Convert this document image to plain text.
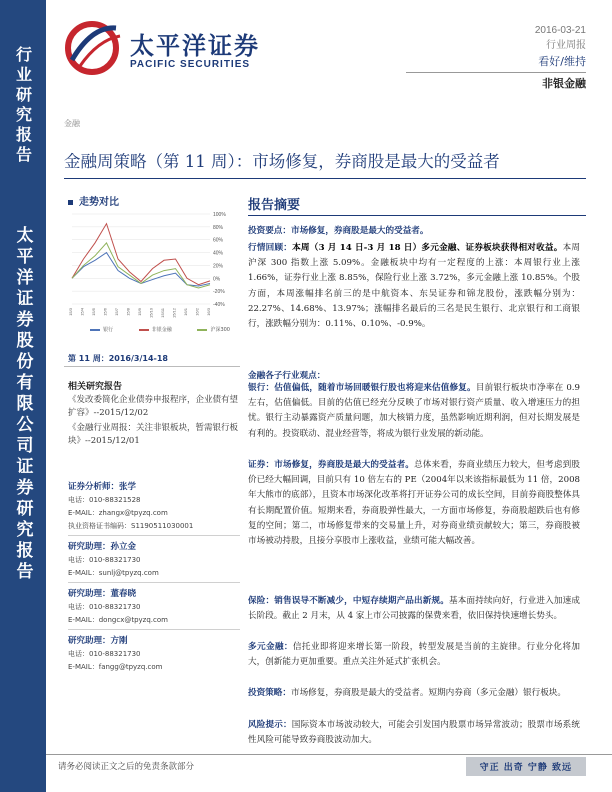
行业研究报告
太平洋证券股份有限公司证券研究报告
太平洋证券
PACIFIC SECURITIES
2016-03-21
行业周报
看好/维持
非银金融
金融
金融周策略（第 11 周）：市场修复，券商股是最大的受益者
走势对比
100%
80%
60%
40%
20%
0%
-20%
-40%
15/3 15/4 15/5 15/6 15/7 15/8 15/9 15/10 15/11 15/12 16/1 16/2 16/3
银行	非银金融	沪深300
第 11 周：2016/3/14-18
相关研究报告

《发改委简化企业债券申报程序，企业债有望扩容》--2015/12/02

《金融行业周报：关注非银板块，暂需银行板块》--2015/12/01

证券分析师：张学
电话：010-88321528
E-MAIL：zhangx@tpyzq.com
执业资格证书编码：S1190511030001
研究助理：孙立金
电话：010-88321730
E-MAIL：sunlj@tpyzq.com
研究助理：董春晓
电话：010-88321730
E-MAIL：dongcx@tpyzq.com
研究助理：方刚
电话：010-88321730
E-MAIL：fangg@tpyzq.com
报告摘要
投资要点：市场修复，券商股是最大的受益者。
行情回顾：本周（3 月 14 日-3 月 18 日）多元金融、证券板块获得相对收益。本周沪深 300 指数上涨 5.09%。金融板块中均有一定程度的上涨：本周银行业上涨 1.66%，证券行业上涨 8.85%，保险行业上涨 3.72%，多元金融上涨 10.85%。个股方面，本周涨幅排名前三的是中航资本、东吴证券和锦龙股份，涨跌幅分别为：22.27%、14.68%、13.97%；涨幅排名最后的三名是民生银行、北京银行和工商银行，涨跌幅分别为：0.11%、0.10%、-0.9%。
金融各子行业观点：
银行：估值偏低，随着市场回暖银行股也将迎来估值修复。目前银行板块市净率在 0.9 左右，估值偏低。目前的估值已经充分反映了市场对银行资产质量、收入增速压力的担忧。银行主动暴露资产质量问题，加大核销力度，虽然影响近期利润，但对长期发展是有利的。投资联动、混业经营等，将成为银行业发展的新动能。
证券：市场修复，券商股是最大的受益者。总体来看，券商业绩压力较大，但考虑到股价已经大幅回调，目前只有 10 倍左右的 PE（2004年以来该指标最低为 11 倍，2008 年大熊市的底部），且资本市场深化改革将打开证券公司的成长空间，目前券商股整体具有长期配置价值。短期来看，券商股弹性最大，一方面市场修复，券商股超跌后也有修复的空间；第二，市场修复带来的交易量上升，对券商业绩贡献较大；第三，券商股被市场被动持股，且接分享股市上涨收益，业绩可能大幅改善。
保险：销售误导不断减少，中短存续期产品出新规。基本面持续向好，行业进入加速成长阶段。截止 2 月末，从 4 家上市公司披露的保费来看，依旧保持快速增长势头。
多元金融：信托业即将迎来增长第一阶段，转型发展是当前的主旋律。行业分化将加大，创新能力更加重要。重点关注外延式扩张机会。
投资策略：市场修复，券商股是最大的受益者。短期内券商（多元金融）银行板块。
风险提示：国际资本市场波动较大，可能会引发国内股票市场异常波动；股票市场系统性风险可能导致券商股波动加大。
请务必阅读正文之后的免责条款部分	守正 出奇 宁静 致远
